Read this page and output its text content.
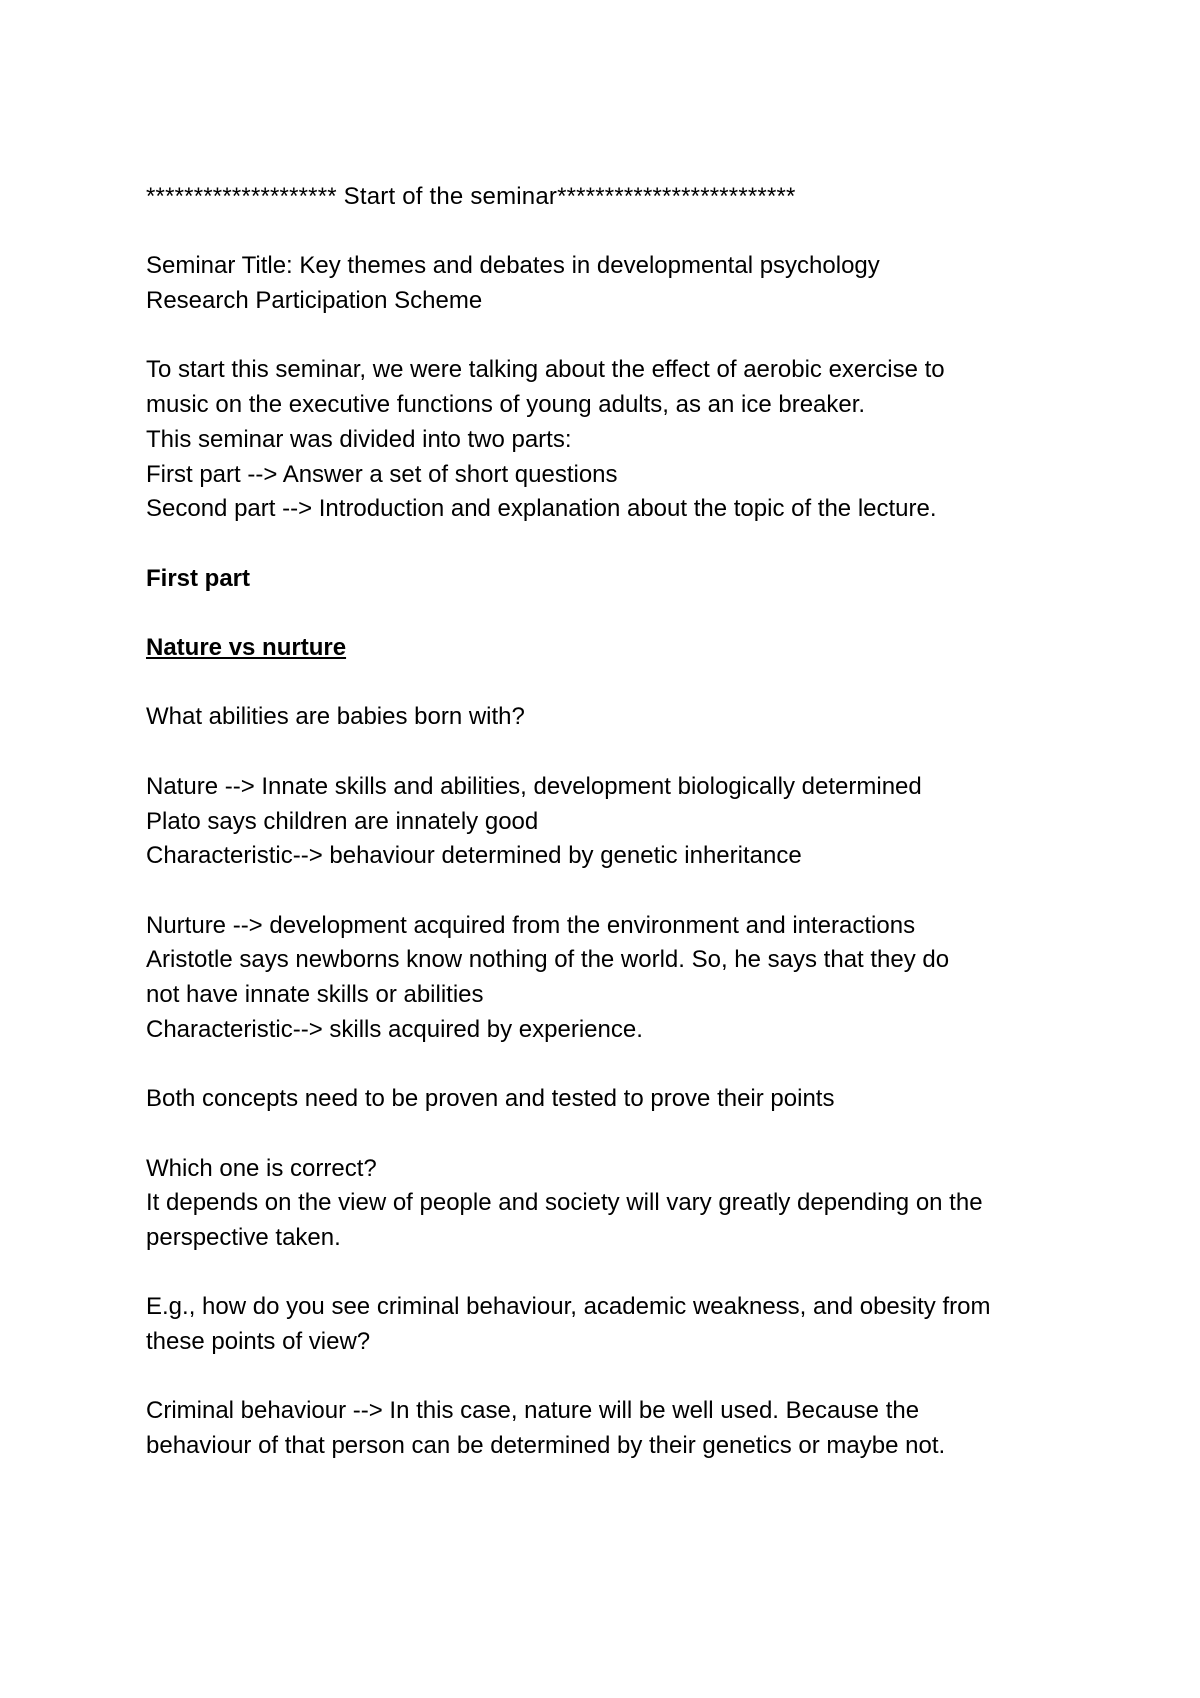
******************** Start of the seminar*************************
Seminar Title: Key themes and debates in developmental psychology
Research Participation Scheme
To start this seminar, we were talking about the effect of aerobic exercise to
music on the executive functions of young adults, as an ice breaker.
This seminar was divided into two parts:
First part --> Answer a set of short questions
Second part --> Introduction and explanation about the topic of the lecture.
First part
Nature vs nurture
What abilities are babies born with?
Nature --> Innate skills and abilities, development biologically determined
Plato says children are innately good
Characteristic--> behaviour determined by genetic inheritance
Nurture --> development acquired from the environment and interactions
Aristotle says newborns know nothing of the world. So, he says that they do
not have innate skills or abilities
Characteristic--> skills acquired by experience.
Both concepts need to be proven and tested to prove their points
Which one is correct?
It depends on the view of people and society will vary greatly depending on the
perspective taken.
E.g., how do you see criminal behaviour, academic weakness, and obesity from
these points of view?
Criminal behaviour --> In this case, nature will be well used. Because the
behaviour of that person can be determined by their genetics or maybe not.
